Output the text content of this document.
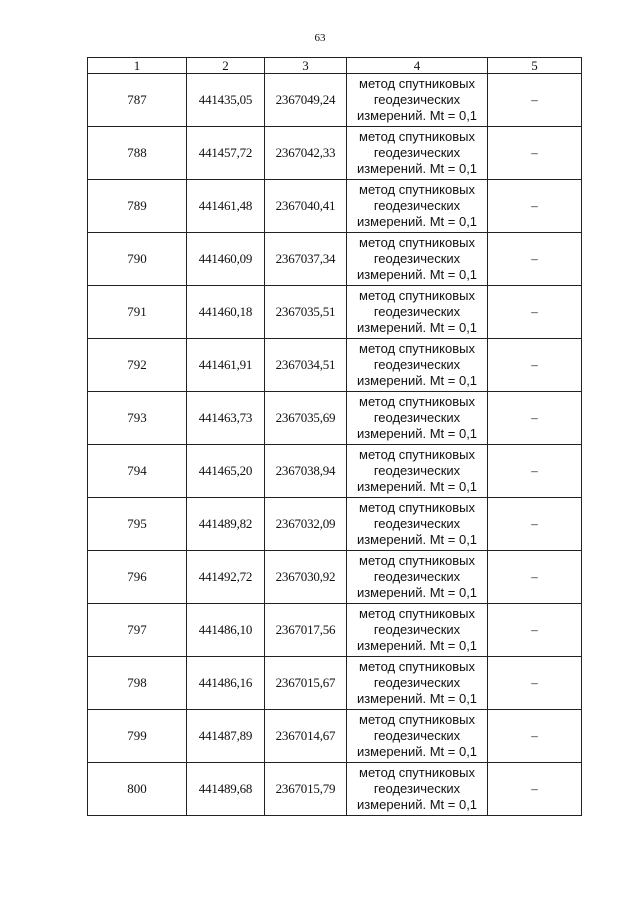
63
1	2	3	4	5
787	441435,05	2367049,24	метод спутниковых
геодезических
измерений. Mt = 0,1	–
788	441457,72	2367042,33	метод спутниковых
геодезических
измерений. Mt = 0,1	–
789	441461,48	2367040,41	метод спутниковых
геодезических
измерений. Mt = 0,1	–
790	441460,09	2367037,34	метод спутниковых
геодезических
измерений. Mt = 0,1	–
791	441460,18	2367035,51	метод спутниковых
геодезических
измерений. Mt = 0,1	–
792	441461,91	2367034,51	метод спутниковых
геодезических
измерений. Mt = 0,1	–
793	441463,73	2367035,69	метод спутниковых
геодезических
измерений. Mt = 0,1	–
794	441465,20	2367038,94	метод спутниковых
геодезических
измерений. Mt = 0,1	–
795	441489,82	2367032,09	метод спутниковых
геодезических
измерений. Mt = 0,1	–
796	441492,72	2367030,92	метод спутниковых
геодезических
измерений. Mt = 0,1	–
797	441486,10	2367017,56	метод спутниковых
геодезических
измерений. Mt = 0,1	–
798	441486,16	2367015,67	метод спутниковых
геодезических
измерений. Mt = 0,1	–
799	441487,89	2367014,67	метод спутниковых
геодезических
измерений. Mt = 0,1	–
800	441489,68	2367015,79	метод спутниковых
геодезических
измерений. Mt = 0,1	–
